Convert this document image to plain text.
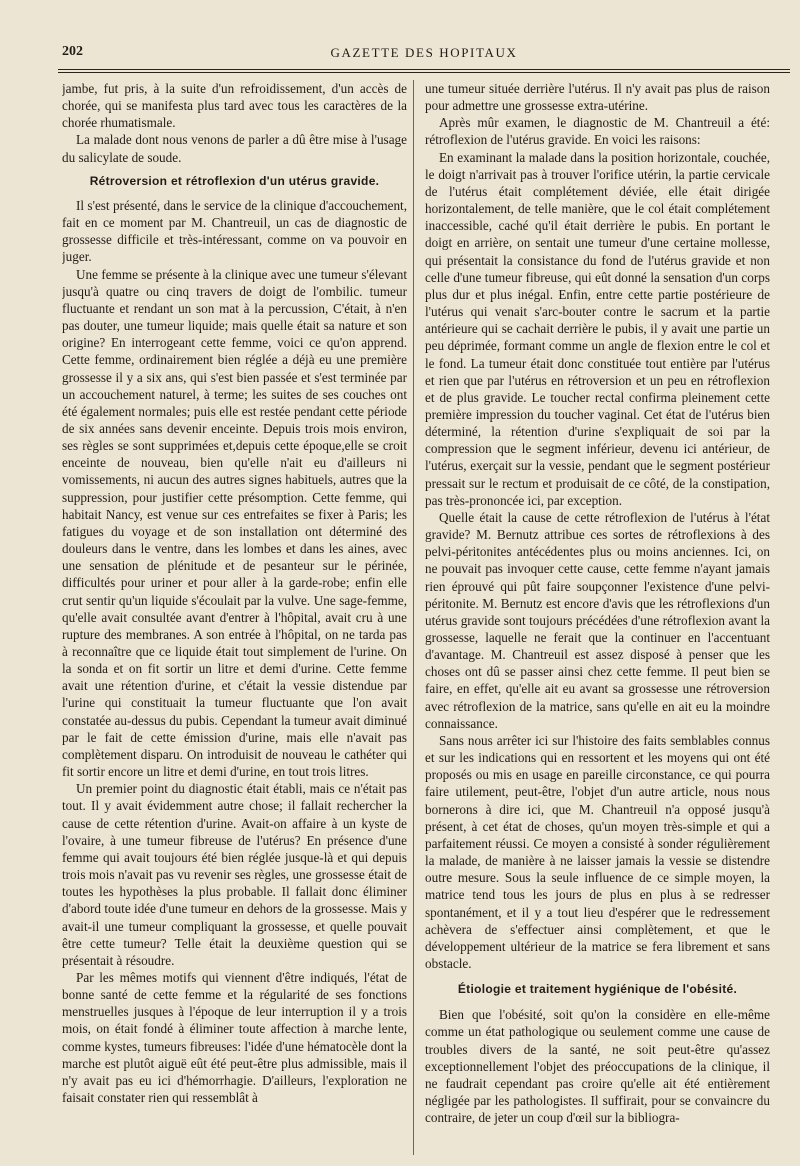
202	GAZETTE DES HOPITAUX

jambe, fut pris, à la suite d'un refroidissement, d'un accès de chorée, qui se manifesta plus tard avec tous les caractères de la chorée rhumatismale.

La malade dont nous venons de parler a dû être mise à l'usage du salicylate de soude.

Rétroversion et rétroflexion d'un utérus gravide.

Il s'est présenté, dans le service de la clinique d'accouchement, fait en ce moment par M. Chantreuil, un cas de diagnostic de grossesse difficile et très-intéressant, comme on va pouvoir en juger.

Une femme se présente à la clinique avec une tumeur s'élevant jusqu'à quatre ou cinq travers de doigt de l'ombilic. tumeur fluctuante et rendant un son mat à la percussion, C'était, à n'en pas douter, une tumeur liquide; mais quelle était sa nature et son origine? En interrogeant cette femme, voici ce qu'on apprend. Cette femme, ordinairement bien réglée a déjà eu une première grossesse il y a six ans, qui s'est bien passée et s'est terminée par un accouchement naturel, à terme; les suites de ses couches ont été également normales; puis elle est restée pendant cette période de six années sans devenir enceinte. Depuis trois mois environ, ses règles se sont supprimées et,depuis cette époque,elle se croit enceinte de nouveau, bien qu'elle n'ait eu d'ailleurs ni vomissements, ni aucun des autres signes habituels, autres que la suppression, pour justifier cette présomption. Cette femme, qui habitait Nancy, est venue sur ces entrefaites se fixer à Paris; les fatigues du voyage et de son installation ont déterminé des douleurs dans le ventre, dans les lombes et dans les aines, avec une sensation de plénitude et de pesanteur sur le périnée, difficultés pour uriner et pour aller à la garde-robe; enfin elle crut sentir qu'un liquide s'écoulait par la vulve. Une sage-femme, qu'elle avait consultée avant d'entrer à l'hôpital, avait cru à une rupture des membranes. A son entrée à l'hôpital, on ne tarda pas à reconnaître que ce liquide était tout simplement de l'urine. On la sonda et on fit sortir un litre et demi d'urine. Cette femme avait une rétention d'urine, et c'était la vessie distendue par l'urine qui constituait la tumeur fluctuante que l'on avait constatée au-dessus du pubis. Cependant la tumeur avait diminué par le fait de cette émission d'urine, mais elle n'avait pas complètement disparu. On introduisit de nouveau le cathéter qui fit sortir encore un litre et demi d'urine, en tout trois litres.

Un premier point du diagnostic était établi, mais ce n'était pas tout. Il y avait évidemment autre chose; il fallait rechercher la cause de cette rétention d'urine. Avait-on affaire à un kyste de l'ovaire, à une tumeur fibreuse de l'utérus? En présence d'une femme qui avait toujours été bien réglée jusque-là et qui depuis trois mois n'avait pas vu revenir ses règles, une grossesse était de toutes les hypothèses la plus probable. Il fallait donc éliminer d'abord toute idée d'une tumeur en dehors de la grossesse. Mais y avait-il une tumeur compliquant la grossesse, et quelle pouvait être cette tumeur? Telle était la deuxième question qui se présentait à résoudre.

Par les mêmes motifs qui viennent d'être indiqués, l'état de bonne santé de cette femme et la régularité de ses fonctions menstruelles jusques à l'époque de leur interruption il y a trois mois, on était fondé à éliminer toute affection à marche lente, comme kystes, tumeurs fibreuses: l'idée d'une hématocèle dont la marche est plutôt aiguë eût été peut-être plus admissible, mais il n'y avait pas eu ici d'hémorrhagie. D'ailleurs, l'exploration ne faisait constater rien qui ressemblât à

une tumeur située derrière l'utérus. Il n'y avait pas plus de raison pour admettre une grossesse extra-utérine.

Après mûr examen, le diagnostic de M. Chantreuil a été: rétroflexion de l'utérus gravide. En voici les raisons:

En examinant la malade dans la position horizontale, couchée, le doigt n'arrivait pas à trouver l'orifice utérin, la partie cervicale de l'utérus était complétement déviée, elle était dirigée horizontalement, de telle manière, que le col était complétement inaccessible, caché qu'il était derrière le pubis. En portant le doigt en arrière, on sentait une tumeur d'une certaine mollesse, qui présentait la consistance du fond de l'utérus gravide et non celle d'une tumeur fibreuse, qui eût donné la sensation d'un corps plus dur et plus inégal. Enfin, entre cette partie postérieure de l'utérus qui venait s'arc-bouter contre le sacrum et la partie antérieure qui se cachait derrière le pubis, il y avait une partie un peu déprimée, formant comme un angle de flexion entre le col et le fond. La tumeur était donc constituée tout entière par l'utérus et rien que par l'utérus en rétroversion et un peu en rétroflexion et de plus gravide. Le toucher rectal confirma pleinement cette première impression du toucher vaginal. Cet état de l'utérus bien déterminé, la rétention d'urine s'expliquait de soi par la compression que le segment inférieur, devenu ici antérieur, de l'utérus, exerçait sur la vessie, pendant que le segment postérieur pressait sur le rectum et produisait de ce côté, de la constipation, pas très-prononcée ici, par exception.

Quelle était la cause de cette rétroflexion de l'utérus à l'état gravide? M. Bernutz attribue ces sortes de rétroflexions à des pelvi-péritonites antécédentes plus ou moins anciennes. Ici, on ne pouvait pas invoquer cette cause, cette femme n'ayant jamais rien éprouvé qui pût faire soupçonner l'existence d'une pelvi-péritonite. M. Bernutz est encore d'avis que les rétroflexions d'un utérus gravide sont toujours précédées d'une rétroflexion avant la grossesse, laquelle ne ferait que la continuer en l'accentuant d'avantage. M. Chantreuil est assez disposé à penser que les choses ont dû se passer ainsi chez cette femme. Il peut bien se faire, en effet, qu'elle ait eu avant sa grossesse une rétroversion avec rétroflexion de la matrice, sans qu'elle en ait eu la moindre connaissance.

Sans nous arrêter ici sur l'histoire des faits semblables connus et sur les indications qui en ressortent et les moyens qui ont été proposés ou mis en usage en pareille circonstance, ce qui pourra faire utilement, peut-être, l'objet d'un autre article, nous nous bornerons à dire ici, que M. Chantreuil n'a opposé jusqu'à présent, à cet état de choses, qu'un moyen très-simple et qui a parfaitement réussi. Ce moyen a consisté à sonder régulièrement la malade, de manière à ne laisser jamais la vessie se distendre outre mesure. Sous la seule influence de ce simple moyen, la matrice tend tous les jours de plus en plus à se redresser spontanément, et il y a tout lieu d'espérer que le redressement achèvera de s'effectuer ainsi complètement, et que le développement ultérieur de la matrice se fera librement et sans obstacle.

Étiologie et traitement hygiénique de l'obésité.

Bien que l'obésité, soit qu'on la considère en elle-même comme un état pathologique ou seulement comme une cause de troubles divers de la santé, ne soit peut-être qu'assez exceptionnellement l'objet des préoccupations de la clinique, il ne faudrait cependant pas croire qu'elle ait été entièrement négligée par les pathologistes. Il suffirait, pour se convaincre du contraire, de jeter un coup d'œil sur la bibliogra-
